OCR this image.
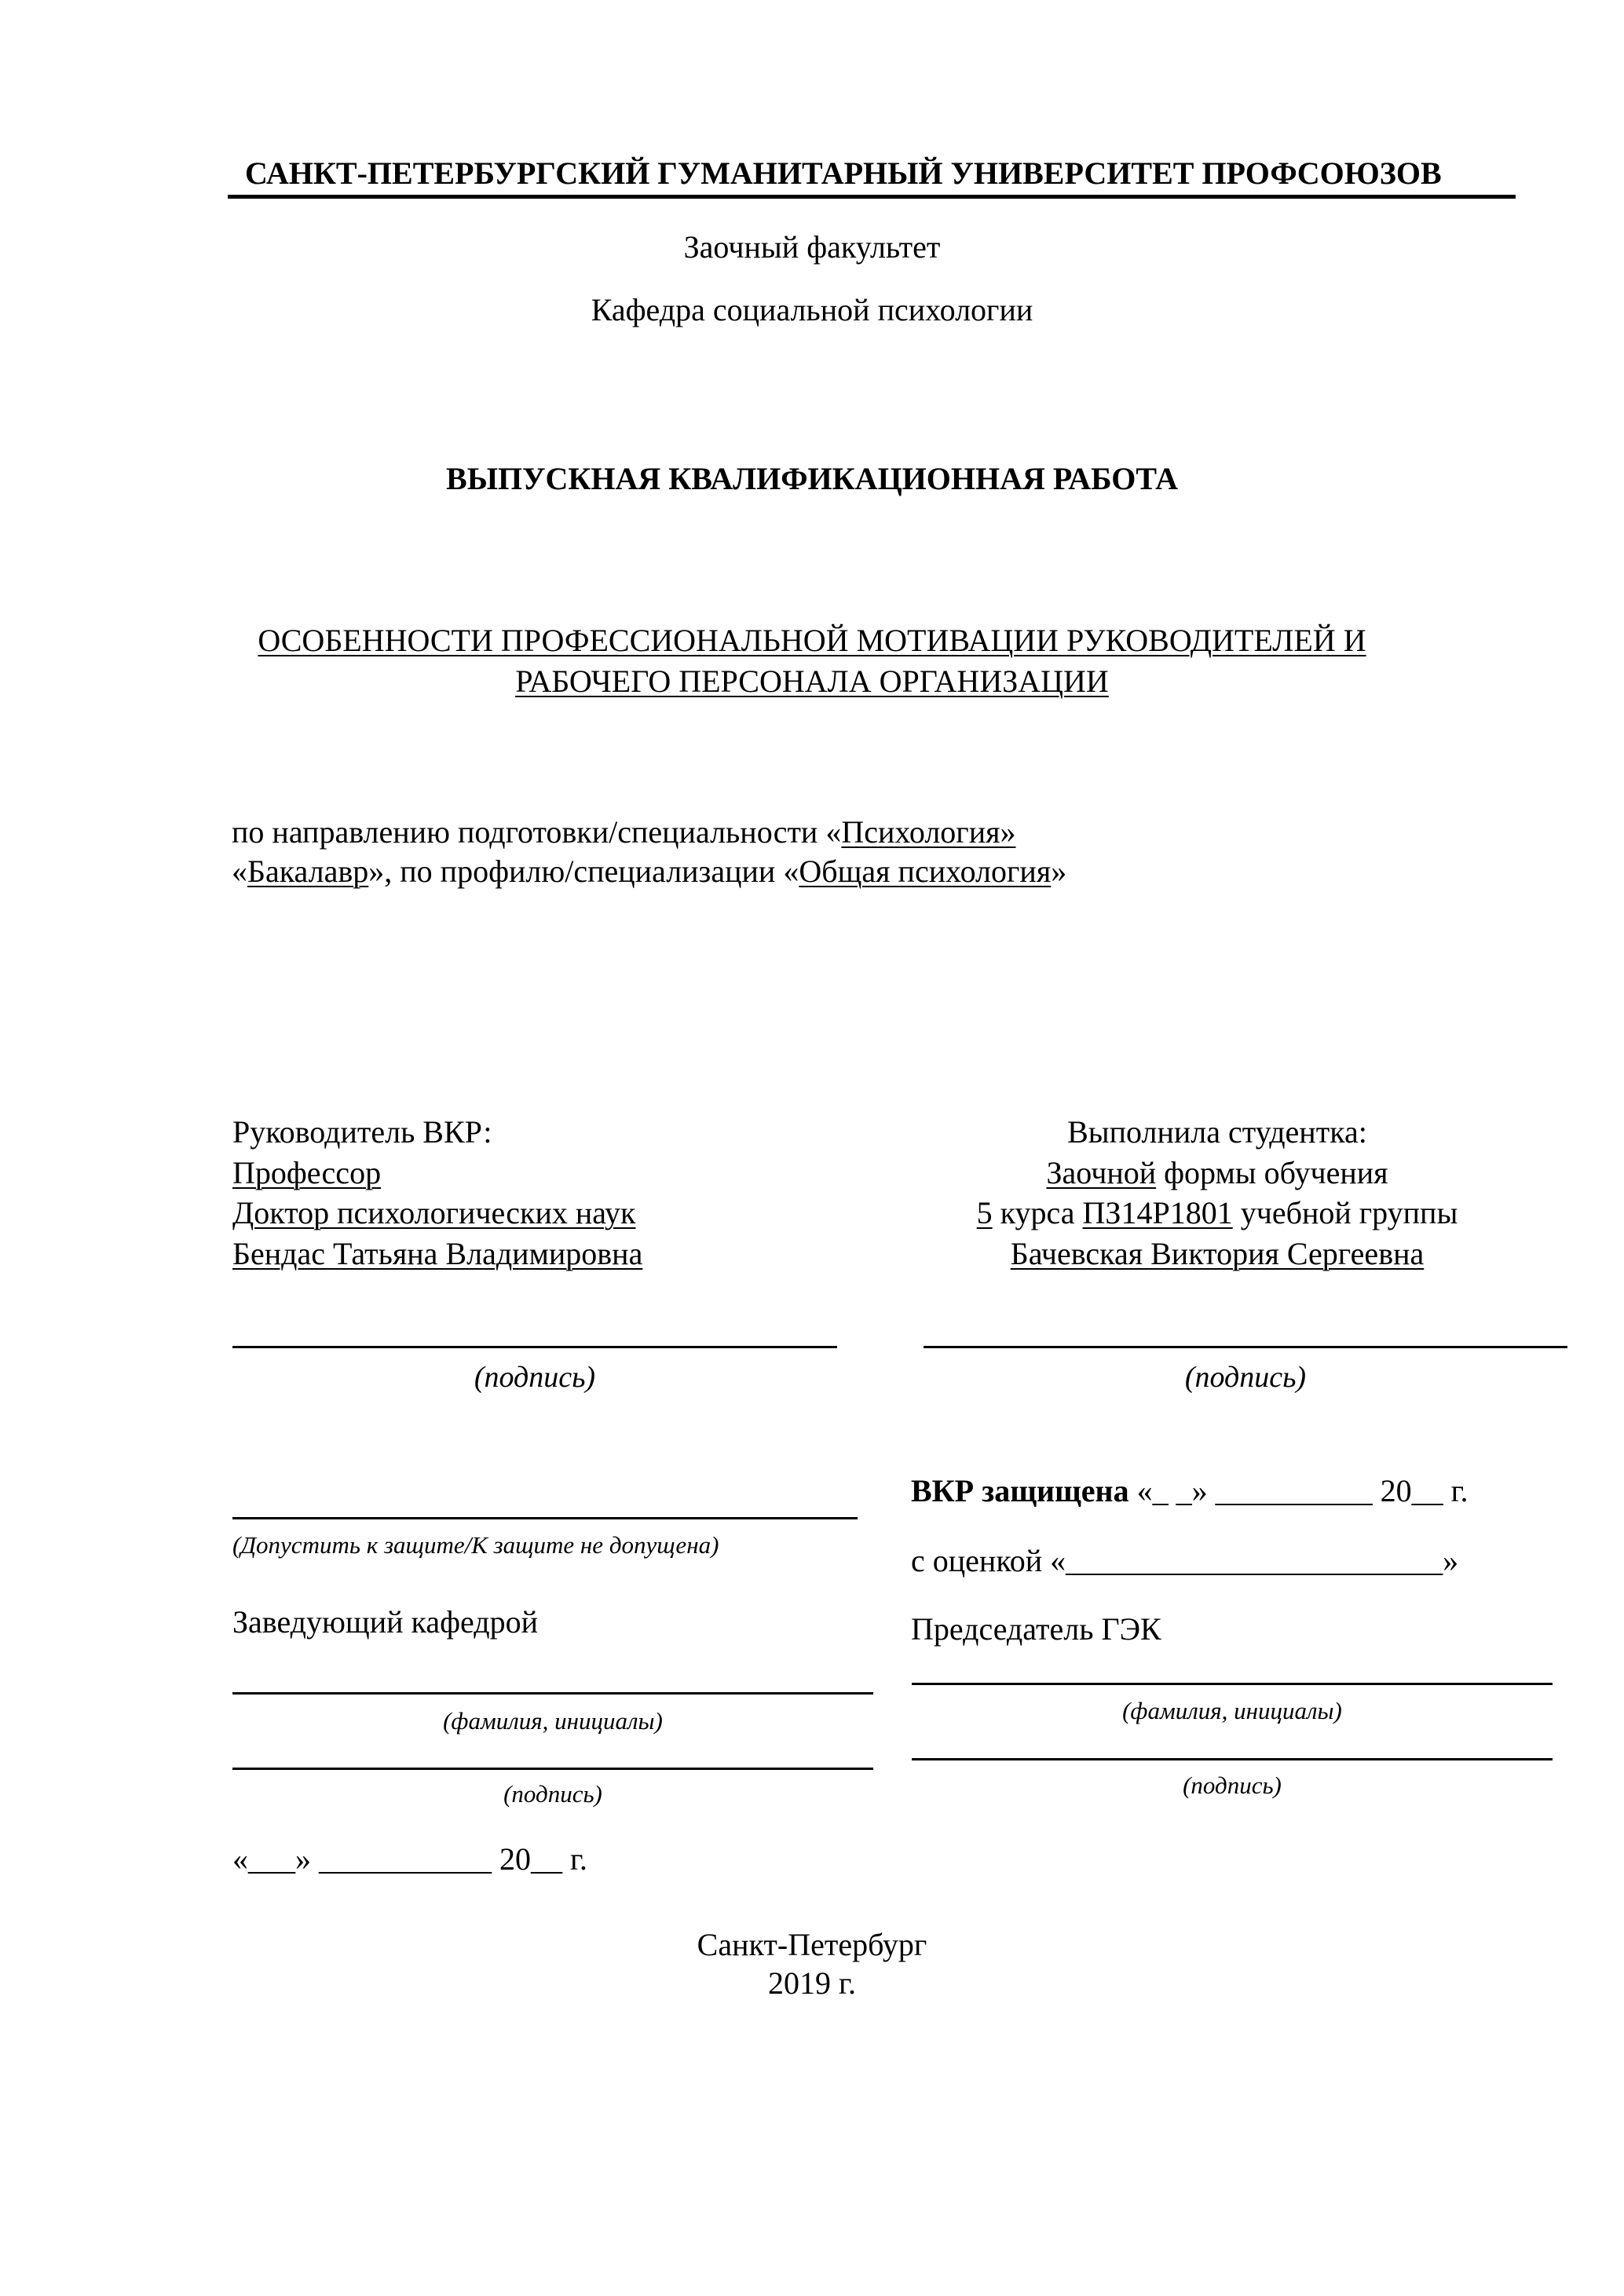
САНКТ-ПЕТЕРБУРГСКИЙ ГУМАНИТАРНЫЙ УНИВЕРСИТЕТ ПРОФСОЮЗОВ
Заочный факультет
Кафедра социальной психологии
ВЫПУСКНАЯ КВАЛИФИКАЦИОННАЯ РАБОТА
ОСОБЕННОСТИ ПРОФЕССИОНАЛЬНОЙ МОТИВАЦИИ РУКОВОДИТЕЛЕЙ И
РАБОЧЕГО ПЕРСОНАЛА ОРГАНИЗАЦИИ
по направлению подготовки/специальности «Психология»
«Бакалавр», по профилю/специализации «Общая психология»
Руководитель ВКР:
Профессор
Доктор психологических наук
Бендас Татьяна Владимировна
Выполнила студентка:
Заочной формы обучения
5 курса ПЗ14Р1801 учебной группы
Бачевская Виктория Сергеевна
(подпись)	(подпись)
(Допустить к защите/К защите не допущена)
Заведующий кафедрой
(фамилия, инициалы)
(подпись)
«___» ___________ 20__ г.
ВКР защищена «_ _» __________ 20__ г.
с оценкой «________________________»
Председатель ГЭК
(фамилия, инициалы)
(подпись)
Санкт-Петербург
2019 г.
